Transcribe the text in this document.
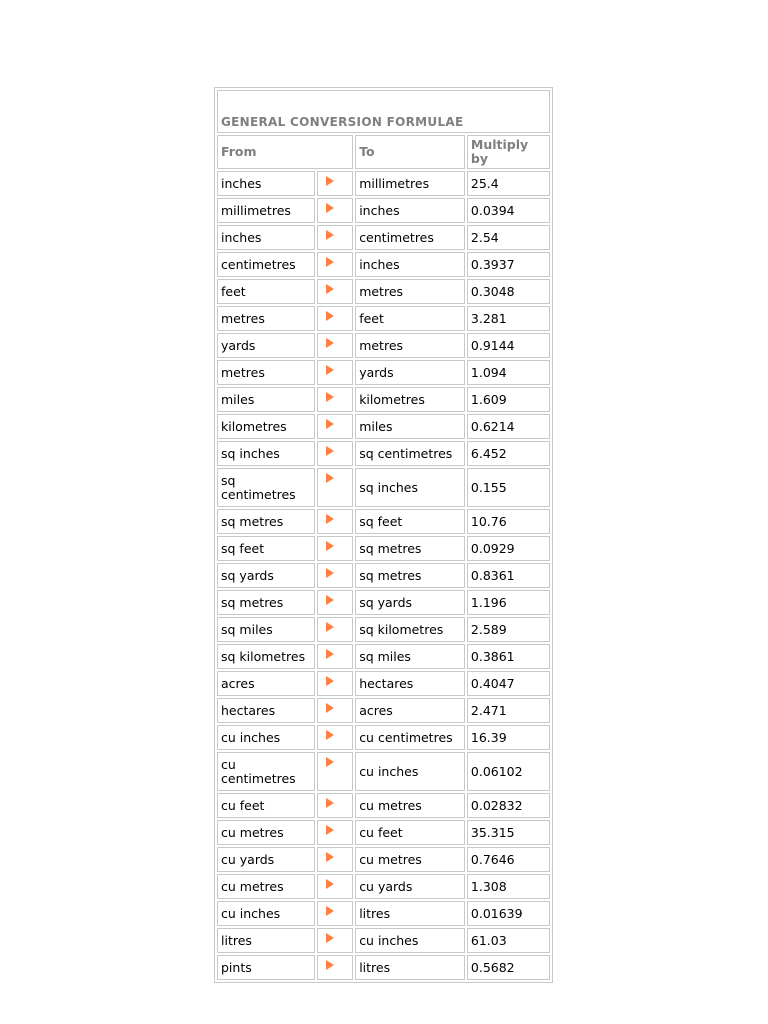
GENERAL CONVERSION FORMULAE			
From		To	Multiply by
inches		millimetres	25.4
millimetres		inches	0.0394
inches		centimetres	2.54
centimetres		inches	0.3937
feet		metres	0.3048
metres		feet	3.281
yards		metres	0.9144
metres		yards	1.094
miles		kilometres	1.609
kilometres		miles	0.6214
sq inches		sq centimetres	6.452
sq centimetres		sq inches	0.155
sq metres		sq feet	10.76
sq feet		sq metres	0.0929
sq yards		sq metres	0.8361
sq metres		sq yards	1.196
sq miles		sq kilometres	2.589
sq kilometres		sq miles	0.3861
acres		hectares	0.4047
hectares		acres	2.471
cu inches		cu centimetres	16.39
cu centimetres		cu inches	0.06102
cu feet		cu metres	0.02832
cu metres		cu feet	35.315
cu yards		cu metres	0.7646
cu metres		cu yards	1.308
cu inches		litres	0.01639
litres		cu inches	61.03
pints		litres	0.5682
